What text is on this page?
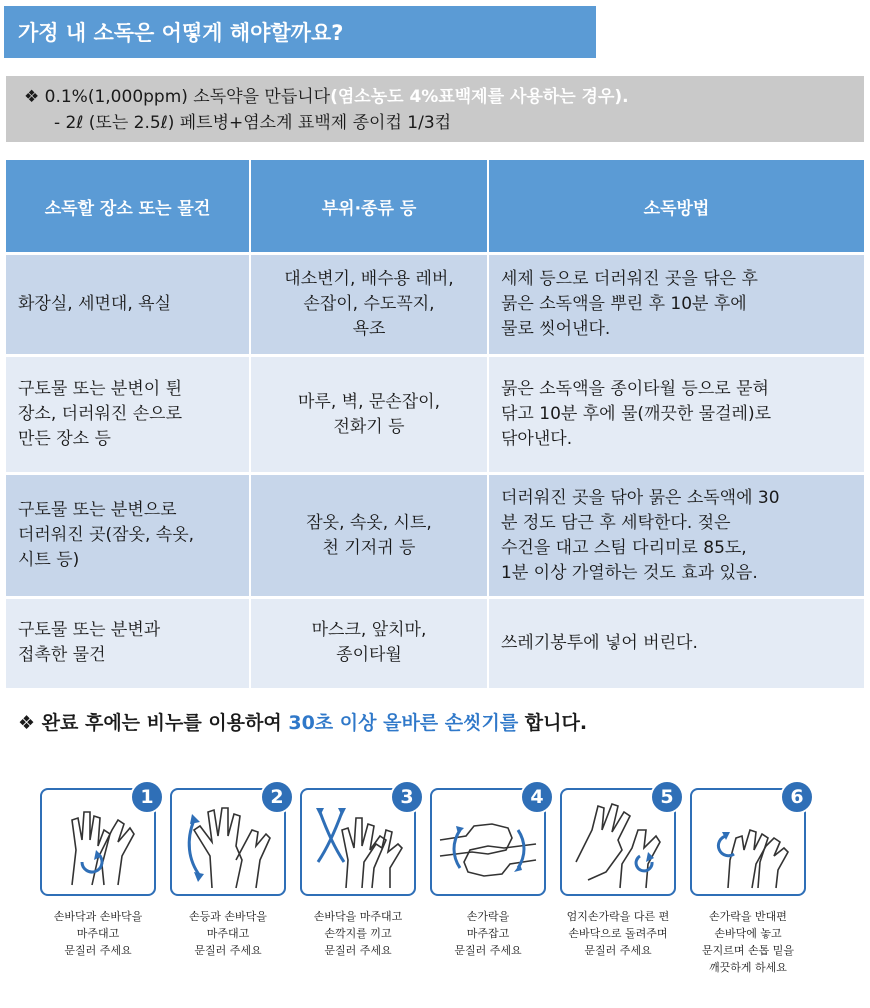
가정 내 소독은 어떻게 해야할까요?
❖ 0.1%(1,000ppm) 소독약을 만듭니다(염소농도 4%표백제를 사용하는 경우).
- 2ℓ (또는 2.5ℓ) 페트병+염소계 표백제 종이컵 1/3컵
소독할 장소 또는 물건	부위·종류 등	소독방법
화장실, 세면대, 욕실	대소변기, 배수용 레버,
손잡이, 수도꼭지,
욕조	세제 등으로 더러워진 곳을 닦은 후
묽은 소독액을 뿌린 후 10분 후에
물로 씻어낸다.
구토물 또는 분변이 튄
장소, 더러워진 손으로
만든 장소 등	마루, 벽, 문손잡이,
전화기 등	묽은 소독액을 종이타월 등으로 묻혀
닦고 10분 후에 물(깨끗한 물걸레)로
닦아낸다.
구토물 또는 분변으로
더러워진 곳(잠옷, 속옷,
시트 등)	잠옷, 속옷, 시트,
천 기저귀 등	더러워진 곳을 닦아 묽은 소독액에 30
분 정도 담근 후 세탁한다. 젖은
수건을 대고 스팀 다리미로 85도,
1분 이상 가열하는 것도 효과 있음.
구토물 또는 분변과
접촉한 물건	마스크, 앞치마,
종이타월	쓰레기봉투에 넣어 버린다.
❖ 완료 후에는 비누를 이용하여 30초 이상 올바른 손씻기를 합니다.
1
손바닥과 손바닥을
마주대고
문질러 주세요
2
손등과 손바닥을
마주대고
문질러 주세요
3
손바닥을 마주대고
손깍지를 끼고
문질러 주세요
4
손가락을
마주잡고
문질러 주세요
5
엄지손가락을 다른 편
손바닥으로 돌려주며
문질러 주세요
6
손가락을 반대편
손바닥에 놓고
문지르며 손톱 밑을
깨끗하게 하세요
